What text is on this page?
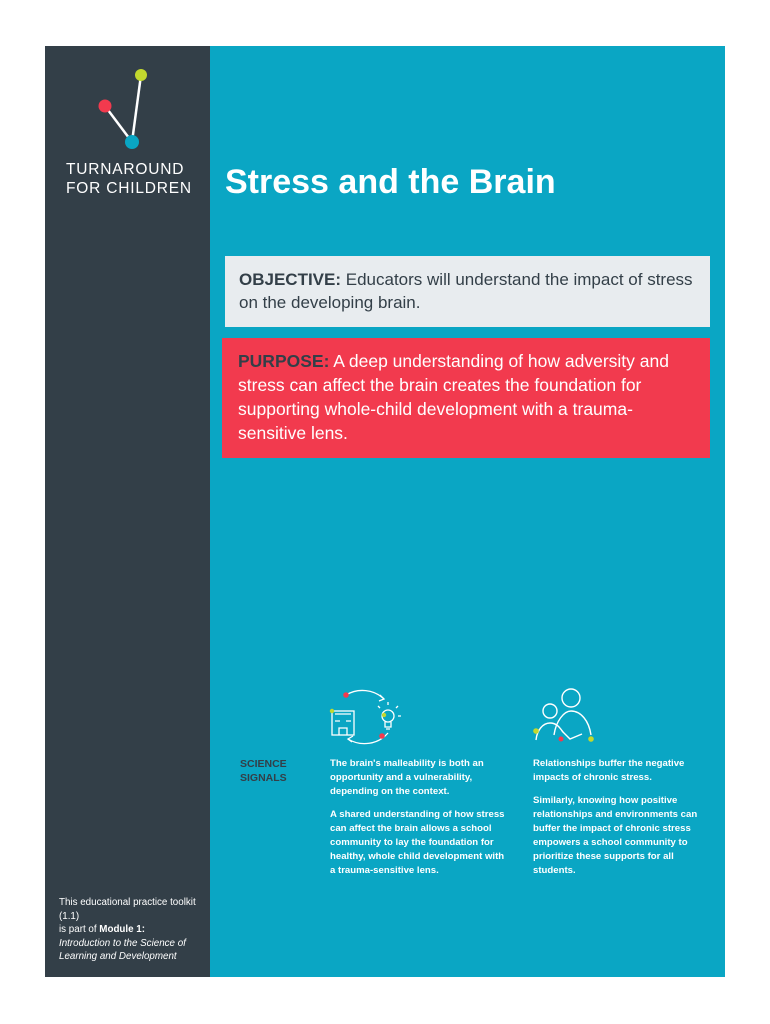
TURNAROUND
FOR CHILDREN Stress and the Brain
OBJECTIVE: Educators will understand the impact of stress on the developing brain.
PURPOSE: A deep understanding of how adversity and stress can affect the brain creates the foundation for supporting whole-child development with a trauma-sensitive lens.
SCIENCE SIGNALS

The brain's malleability is both an opportunity and a vulnerability, depending on the context.

A shared understanding of how stress can affect the brain allows a school community to lay the foundation for healthy, whole child development with a trauma-sensitive lens.

Relationships buffer the negative impacts of chronic stress.

Similarly, knowing how positive relationships and environments can buffer the impact of chronic stress empowers a school community to prioritize these supports for all students.

This educational practice toolkit (1.1)
is part of Module 1:
Introduction to the Science of Learning and Development
